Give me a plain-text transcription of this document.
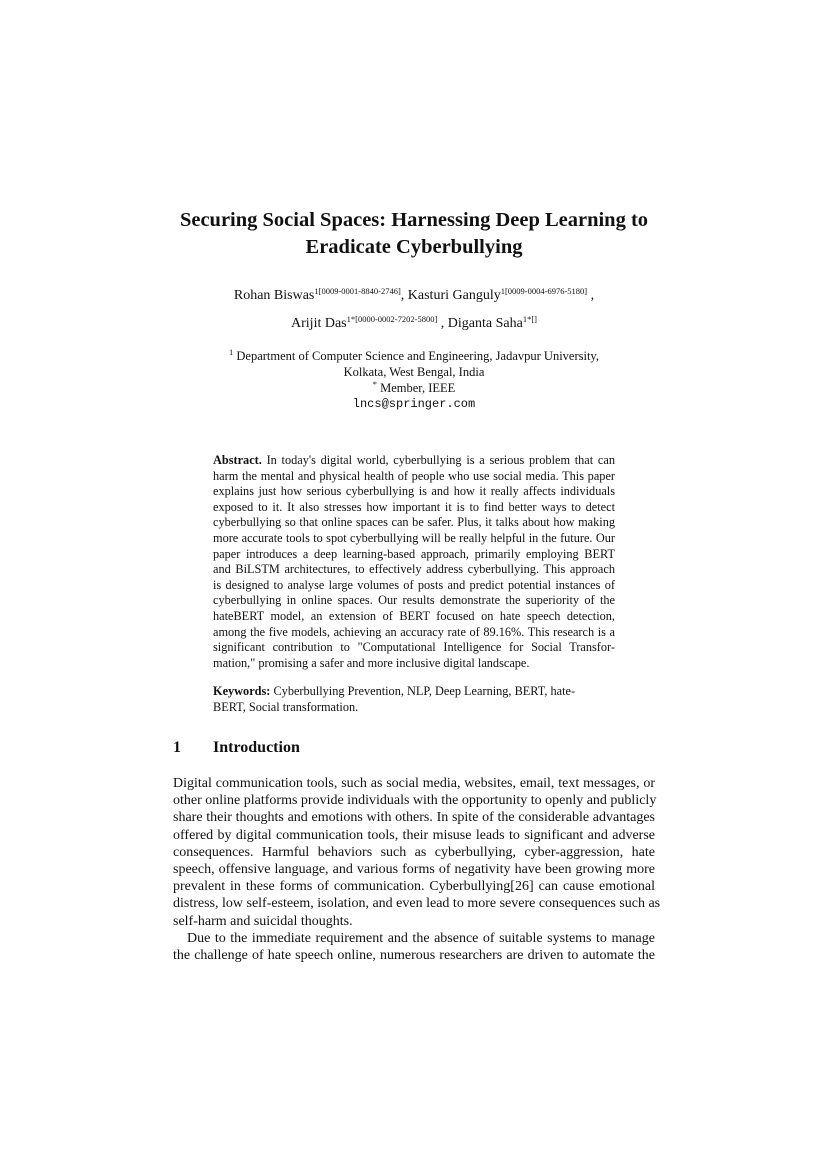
Securing Social Spaces: Harnessing Deep Learning to
Eradicate Cyberbullying
Rohan Biswas$^{1[0009-0001-8840-2746]}$, Kasturi Ganguly$^{1[0009-0004-6976-5180]}$ ,
Arijit Das$^{1*[0000-0002-7202-5800]}$ , Diganta Saha$^{1*[]}$
$^1$ Department of Computer Science and Engineering, Jadavpur University,
Kolkata, West Bengal, India
* Member, IEEE
lncs@springer.com
Abstract. In today's digital world, cyberbullying is a serious problem that can
harm the mental and physical health of people who use social media. This paper
explains just how serious cyberbullying is and how it really affects individuals
exposed to it. It also stresses how important it is to find better ways to detect
cyberbullying so that online spaces can be safer. Plus, it talks about how making
more accurate tools to spot cyberbullying will be really helpful in the future. Our
paper introduces a deep learning-based approach, primarily employing BERT
and BiLSTM architectures, to effectively address cyberbullying. This approach
is designed to analyse large volumes of posts and predict potential instances of
cyberbullying in online spaces. Our results demonstrate the superiority of the
hateBERT model, an extension of BERT focused on hate speech detection,
among the five models, achieving an accuracy rate of 89.16%. This research is a
significant contribution to "Computational Intelligence for Social Transfor-
mation," promising a safer and more inclusive digital landscape.
Keywords: Cyberbullying Prevention, NLP, Deep Learning, BERT, hate-
BERT, Social transformation.
1 Introduction
Digital communication tools, such as social media, websites, email, text messages, or
other online platforms provide individuals with the opportunity to openly and publicly
share their thoughts and emotions with others. In spite of the considerable advantages
offered by digital communication tools, their misuse leads to significant and adverse
consequences. Harmful behaviors such as cyberbullying, cyber-aggression, hate
speech, offensive language, and various forms of negativity have been growing more
prevalent in these forms of communication. Cyberbullying[26] can cause emotional
distress, low self-esteem, isolation, and even lead to more severe consequences such as
self-harm and suicidal thoughts.
Due to the immediate requirement and the absence of suitable systems to manage
the challenge of hate speech online, numerous researchers are driven to automate the
